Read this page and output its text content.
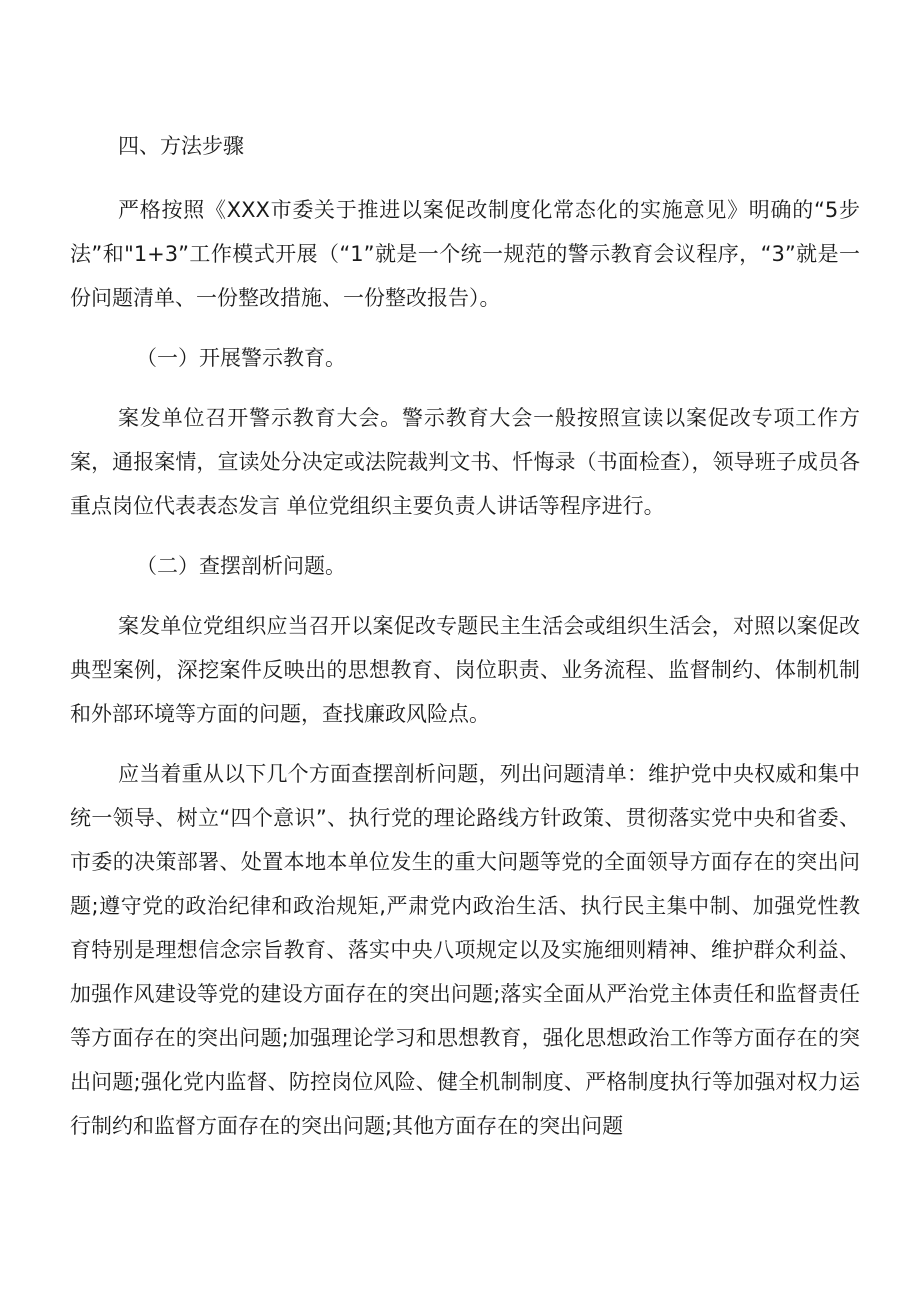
四、方法步骤

严格按照《XXX市委关于推进以案促改制度化常态化的实施意见》明确的“5步法”和"1+3”工作模式开展（“1”就是一个统一规范的警示教育会议程序，“3”就是一份问题清单、一份整改措施、一份整改报告）。

（一）开展警示教育。

案发单位召开警示教育大会。警示教育大会一般按照宣读以案促改专项工作方案，通报案情，宣读处分决定或法院裁判文书、忏悔录（书面检查），领导班子成员各重点岗位代表表态发言 单位党组织主要负责人讲话等程序进行。

（二）查摆剖析问题。

案发单位党组织应当召开以案促改专题民主生活会或组织生活会，对照以案促改典型案例，深挖案件反映出的思想教育、岗位职责、业务流程、监督制约、体制机制和外部环境等方面的问题，查找廉政风险点。

应当着重从以下几个方面查摆剖析问题，列出问题清单：维护党中央权威和集中统一领导、树立“四个意识”、执行党的理论路线方针政策、贯彻落实党中央和省委、市委的决策部署、处置本地本单位发生的重大问题等党的全面领导方面存在的突出问题;遵守党的政治纪律和政治规矩,严肃党内政治生活、执行民主集中制、加强党性教育特别是理想信念宗旨教育、落实中央八项规定以及实施细则精神、维护群众利益、加强作风建设等党的建设方面存在的突出问题;落实全面从严治党主体责任和监督责任等方面存在的突出问题;加强理论学习和思想教育，强化思想政治工作等方面存在的突出问题;强化党内监督、防控岗位风险、健全机制制度、严格制度执行等加强对权力运行制约和监督方面存在的突出问题;其他方面存在的突出问题
